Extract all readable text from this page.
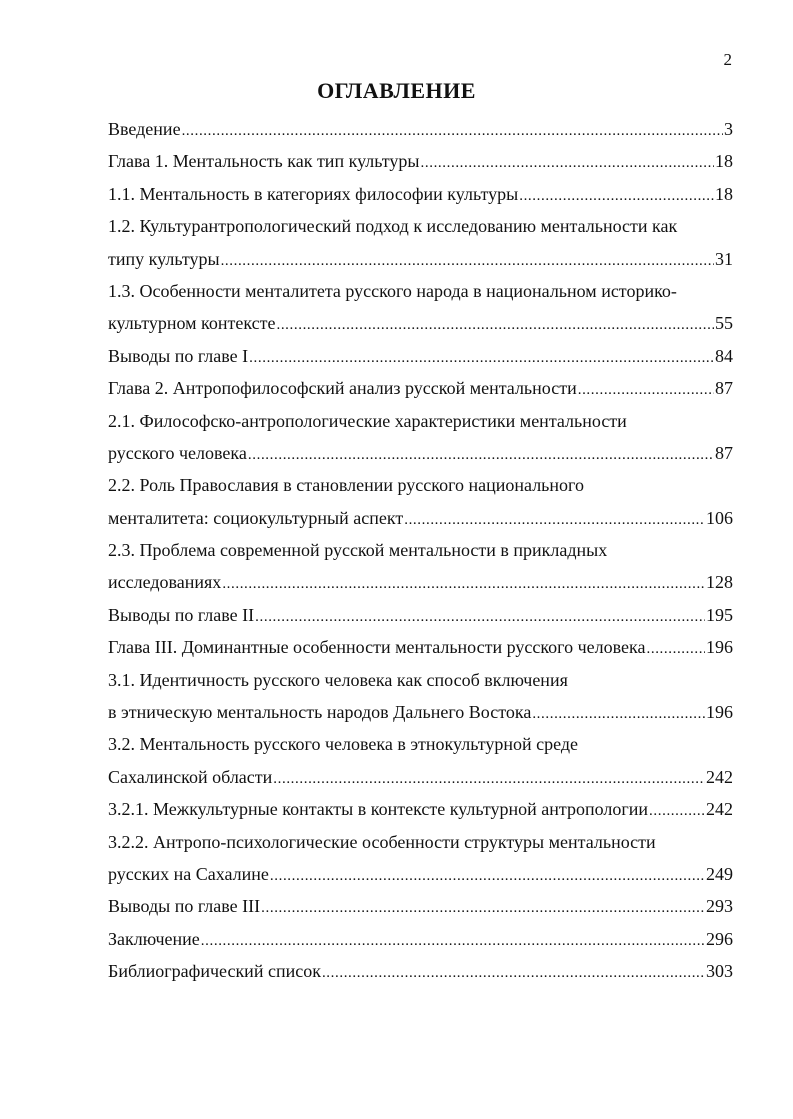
2
ОГЛАВЛЕНИЕ
Введение .....	3
Глава 1. Ментальность как тип культуры .....	18
1.1. Ментальность в категориях философии культуры .....	18
1.2. Культурантропологический подход к исследованию ментальности как
типу культуры .....	31
1.3. Особенности менталитета русского народа в национальном историко-
культурном контексте .....	55
Выводы по главе I .....	84
Глава 2. Антропофилософский анализ русской ментальности .....	87
2.1. Философско-антропологические характеристики ментальности
русского человека .....	87
2.2. Роль Православия в становлении русского национального
менталитета: социокультурный аспект .....	106
2.3. Проблема современной русской ментальности в прикладных
исследованиях .....	128
Выводы по главе II .....	195
Глава III. Доминантные особенности ментальности русского человека .....	196
3.1. Идентичность русского человека как способ включения
в этническую ментальность народов Дальнего Востока .....	196
3.2. Ментальность русского человека в этнокультурной среде
Сахалинской области .....	242
3.2.1. Межкультурные контакты в контексте культурной антропологии .....	242
3.2.2. Антропо-психологические особенности структуры ментальности
русских на Сахалине .....	249
Выводы по главе III .....	293
Заключение .....	296
Библиографический список .....	303
